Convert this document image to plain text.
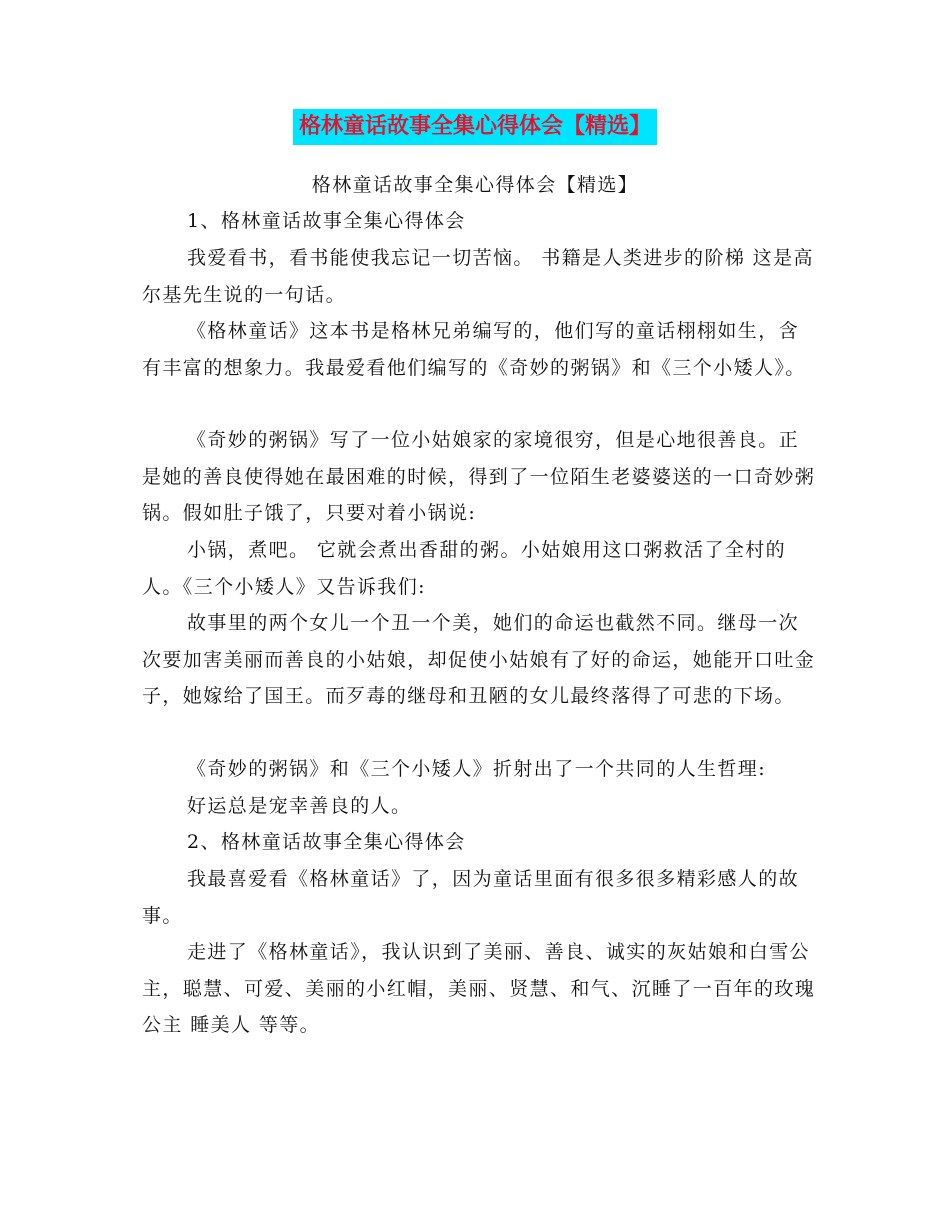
格林童话故事全集心得体会【精选】
格林童话故事全集心得体会【精选】
1、格林童话故事全集心得体会
我爱看书，看书能使我忘记一切苦恼。 书籍是人类进步的阶梯 这是高尔基先生说的一句话。
《格林童话》这本书是格林兄弟编写的，他们写的童话栩栩如生，含有丰富的想象力。我最爱看他们编写的《奇妙的粥锅》和《三个小矮人》。
《奇妙的粥锅》写了一位小姑娘家的家境很穷，但是心地很善良。正是她的善良使得她在最困难的时候，得到了一位陌生老婆婆送的一口奇妙粥锅。假如肚子饿了，只要对着小锅说:
小锅，煮吧。 它就会煮出香甜的粥。小姑娘用这口粥救活了全村的人。《三个小矮人》又告诉我们:
故事里的两个女儿一个丑一个美，她们的命运也截然不同。继母一次次要加害美丽而善良的小姑娘，却促使小姑娘有了好的命运，她能开口吐金子，她嫁给了国王。而歹毒的继母和丑陋的女儿最终落得了可悲的下场。
《奇妙的粥锅》和《三个小矮人》折射出了一个共同的人生哲理:
好运总是宠幸善良的人。
2、格林童话故事全集心得体会
我最喜爱看《格林童话》了，因为童话里面有很多很多精彩感人的故事。
走进了《格林童话》，我认识到了美丽、善良、诚实的灰姑娘和白雪公主，聪慧、可爱、美丽的小红帽，美丽、贤慧、和气、沉睡了一百年的玫瑰公主 睡美人 等等。
